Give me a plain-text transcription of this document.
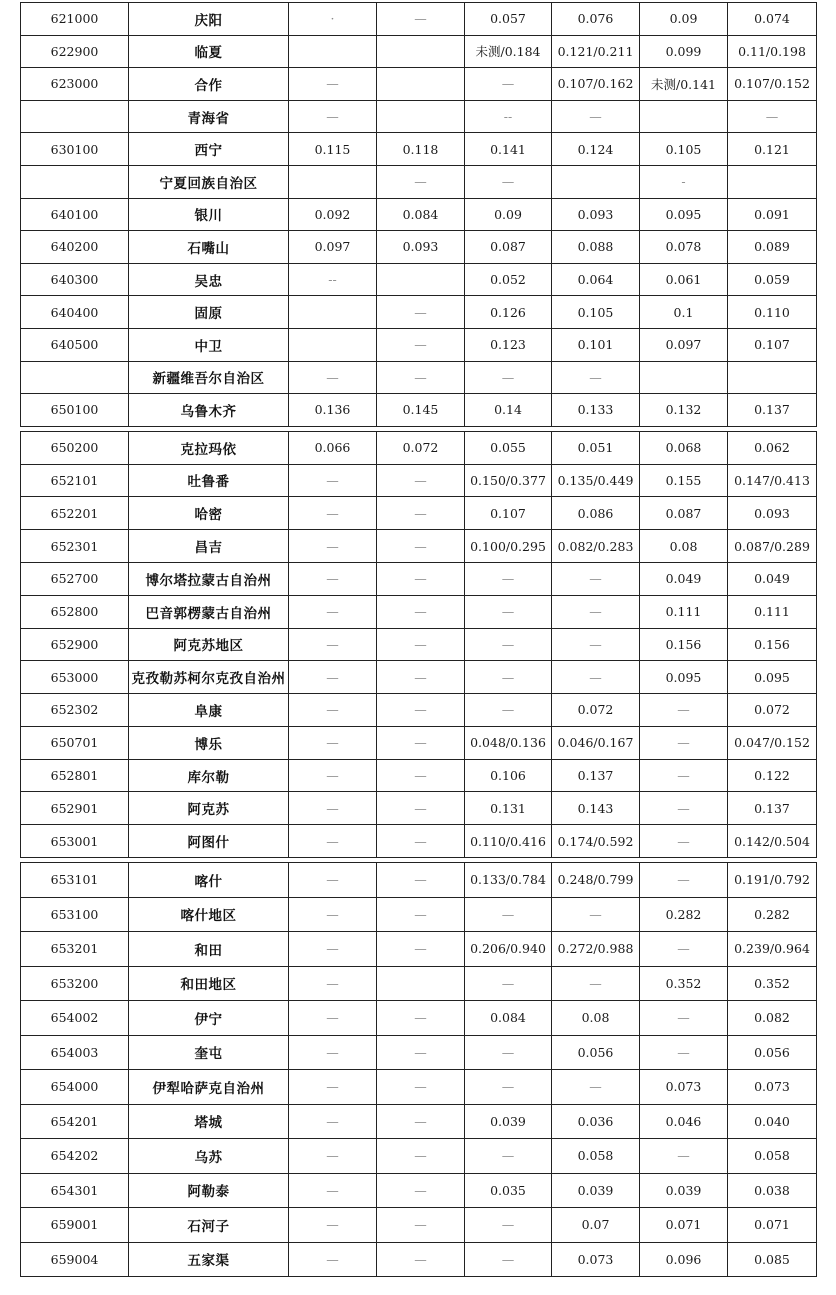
621000	庆阳	·	—	0.057	0.076	0.09	0.074
622900	临夏			未测/0.184	0.121/0.211	0.099	0.11/0.198
623000	合作	—		—	0.107/0.162	未测/0.141	0.107/0.152
	青海省	—		--	—		—
630100	西宁	0.115	0.118	0.141	0.124	0.105	0.121
	宁夏回族自治区		—	—		-	
640100	银川	0.092	0.084	0.09	0.093	0.095	0.091
640200	石嘴山	0.097	0.093	0.087	0.088	0.078	0.089
640300	吴忠	--		0.052	0.064	0.061	0.059
640400	固原		—	0.126	0.105	0.1	0.110
640500	中卫		—	0.123	0.101	0.097	0.107
	新疆维吾尔自治区	—	—	—	—		
650100	乌鲁木齐	0.136	0.145	0.14	0.133	0.132	0.137
650200	克拉玛依	0.066	0.072	0.055	0.051	0.068	0.062
652101	吐鲁番	—	—	0.150/0.377	0.135/0.449	0.155	0.147/0.413
652201	哈密	—	—	0.107	0.086	0.087	0.093
652301	昌吉	—	—	0.100/0.295	0.082/0.283	0.08	0.087/0.289
652700	博尔塔拉蒙古自治州	—	—	—	—	0.049	0.049
652800	巴音郭楞蒙古自治州	—	—	—	—	0.111	0.111
652900	阿克苏地区	—	—	—	—	0.156	0.156
653000	克孜勒苏柯尔克孜自治州	—	—	—	—	0.095	0.095
652302	阜康	—	—	—	0.072	—	0.072
650701	博乐	—	—	0.048/0.136	0.046/0.167	—	0.047/0.152
652801	库尔勒	—	—	0.106	0.137	—	0.122
652901	阿克苏	—	—	0.131	0.143	—	0.137
653001	阿图什	—	—	0.110/0.416	0.174/0.592	—	0.142/0.504
653101	喀什	—	—	0.133/0.784	0.248/0.799	—	0.191/0.792
653100	喀什地区	—	—	—	—	0.282	0.282
653201	和田	—	—	0.206/0.940	0.272/0.988	—	0.239/0.964
653200	和田地区	—		—	—	0.352	0.352
654002	伊宁	—	—	0.084	0.08	—	0.082
654003	奎屯	—	—	—	0.056	—	0.056
654000	伊犁哈萨克自治州	—	—	—	—	0.073	0.073
654201	塔城	—	—	0.039	0.036	0.046	0.040
654202	乌苏	—	—	—	0.058	—	0.058
654301	阿勒泰	—	—	0.035	0.039	0.039	0.038
659001	石河子	—	—	—	0.07	0.071	0.071
659004	五家渠	—	—	—	0.073	0.096	0.085
